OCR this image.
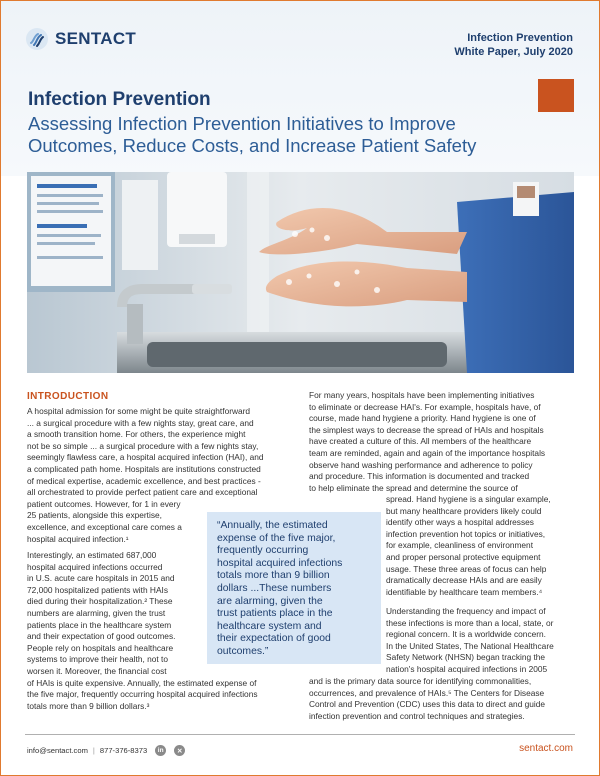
SENTACT	Infection Prevention
White Paper, July 2020
Infection Prevention
Assessing Infection Prevention Initiatives to Improve
Outcomes, Reduce Costs, and Increase Patient Safety
INTRODUCTION
A hospital admission for some might be quite straightforward
... a surgical procedure with a few nights stay, great care, and
a smooth transition home. For others, the experience might
not be so simple ... a surgical procedure with a few nights stay,
seemingly flawless care, a hospital acquired infection (HAI), and
a complicated path home. Hospitals are institutions constructed
of medical expertise, academic excellence, and best practices -
all orchestrated to provide perfect patient care and exceptional
patient outcomes. However, for 1 in every
25 patients, alongside this expertise,
excellence, and exceptional care comes a
hospital acquired infection.¹
Interestingly, an estimated 687,000
hospital acquired infections occurred
in U.S. acute care hospitals in 2015 and
72,000 hospitalized patients with HAIs
died during their hospitalization.² These
numbers are alarming, given the trust
patients place in the healthcare system
and their expectation of good outcomes.
People rely on hospitals and healthcare
systems to improve their health, not to
worsen it. Moreover, the financial cost
of HAIs is quite expensive. Annually, the estimated expense of
the five major, frequently occurring hospital acquired infections
totals more than 9 billion dollars.³
“Annually, the estimated
expense of the five major,
frequently occurring
hospital acquired infections
totals more than 9 billion
dollars ...These numbers
are alarming, given the
trust patients place in the
healthcare system and
their expectation of good
outcomes.”
For many years, hospitals have been implementing initiatives
to eliminate or decrease HAI's. For example, hospitals have, of
course, made hand hygiene a priority. Hand hygiene is one of
the simplest ways to decrease the spread of HAIs and hospitals
have created a culture of this. All members of the healthcare
team are reminded, again and again of the importance hospitals
observe hand washing performance and adherence to policy
and procedure. This information is documented and tracked
to help eliminate the spread and determine the source of
spread. Hand hygiene is a singular example,
but many healthcare providers likely could
identify other ways a hospital addresses
infection prevention hot topics or initiatives,
for example, cleanliness of environment
and proper personal protective equipment
usage. These three areas of focus can help
dramatically decrease HAIs and are easily
identifiable by healthcare team members.⁴
Understanding the frequency and impact of
these infections is more than a local, state, or
regional concern. It is a worldwide concern.
In the United States, The National Healthcare
Safety Network (NHSN) began tracking the
nation's hospital acquired infections in 2005
and is the primary data source for identifying commonalities,
occurrences, and prevalence of HAIs.⁵ The Centers for Disease
Control and Prevention (CDC) uses this data to direct and guide
infection prevention and control techniques and strategies.
info@sentact.com | 877-376-8373	in	✕	sentact.com
